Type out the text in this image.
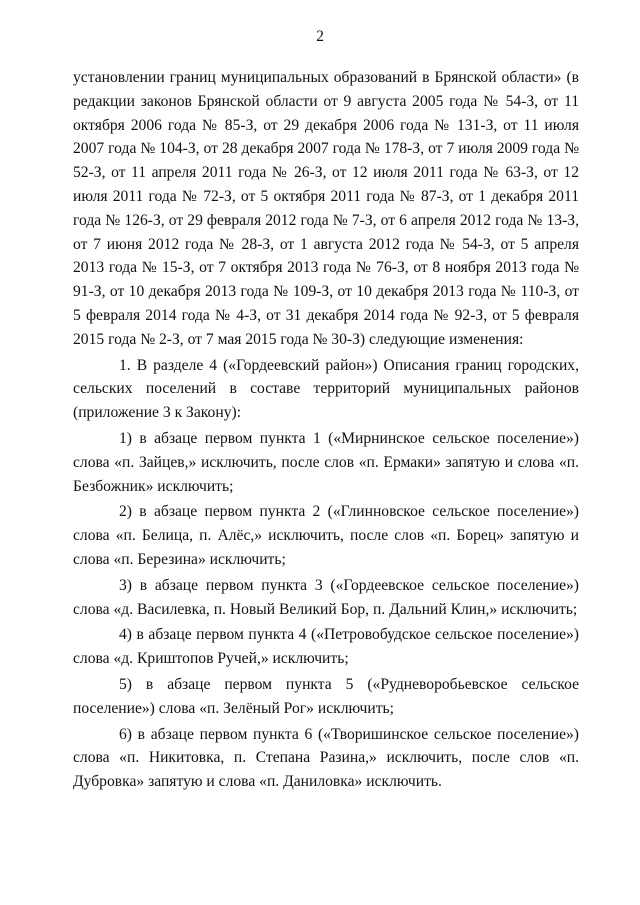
2

установлении границ муниципальных образований в Брянской области» (в редакции законов Брянской области от 9 августа 2005 года № 54-З, от 11 октября 2006 года № 85-З, от 29 декабря 2006 года № 131-З, от 11 июля 2007 года № 104-З, от 28 декабря 2007 года № 178-З, от 7 июля 2009 года № 52-З, от 11 апреля 2011 года № 26-З, от 12 июля 2011 года № 63-З, от 12 июля 2011 года № 72-З, от 5 октября 2011 года № 87-З, от 1 декабря 2011 года № 126-З, от 29 февраля 2012 года № 7-З, от 6 апреля 2012 года № 13-З, от 7 июня 2012 года № 28-З, от 1 августа 2012 года № 54-З, от 5 апреля 2013 года № 15-З, от 7 октября 2013 года № 76-З, от 8 ноября 2013 года № 91-З, от 10 декабря 2013 года № 109-З, от 10 декабря 2013 года № 110-З, от 5 февраля 2014 года № 4-З, от 31 декабря 2014 года № 92-З, от 5 февраля 2015 года № 2-З, от 7 мая 2015 года № 30-З) следующие изменения:

1. В разделе 4 («Гордеевский район») Описания границ городских, сельских поселений в составе территорий муниципальных районов (приложение 3 к Закону):

1) в абзаце первом пункта 1 («Мирнинское сельское поселение») слова «п. Зайцев,» исключить, после слов «п. Ермаки» запятую и слова «п. Безбожник» исключить;

2) в абзаце первом пункта 2 («Глинновское сельское поселение») слова «п. Белица, п. Алёс,» исключить, после слов «п. Борец» запятую и слова «п. Березина» исключить;

3) в абзаце первом пункта 3 («Гордеевское сельское поселение») слова «д. Василевка, п. Новый Великий Бор, п. Дальний Клин,» исключить;

4) в абзаце первом пункта 4 («Петровобудское сельское поселение») слова «д. Криштопов Ручей,» исключить;

5) в абзаце первом пункта 5 («Рудневоробьевское сельское поселение») слова «п. Зелёный Рог» исключить;

6) в абзаце первом пункта 6 («Творишинское сельское поселение») слова «п. Никитовка, п. Степана Разина,» исключить, после слов «п. Дубровка» запятую и слова «п. Даниловка» исключить.
